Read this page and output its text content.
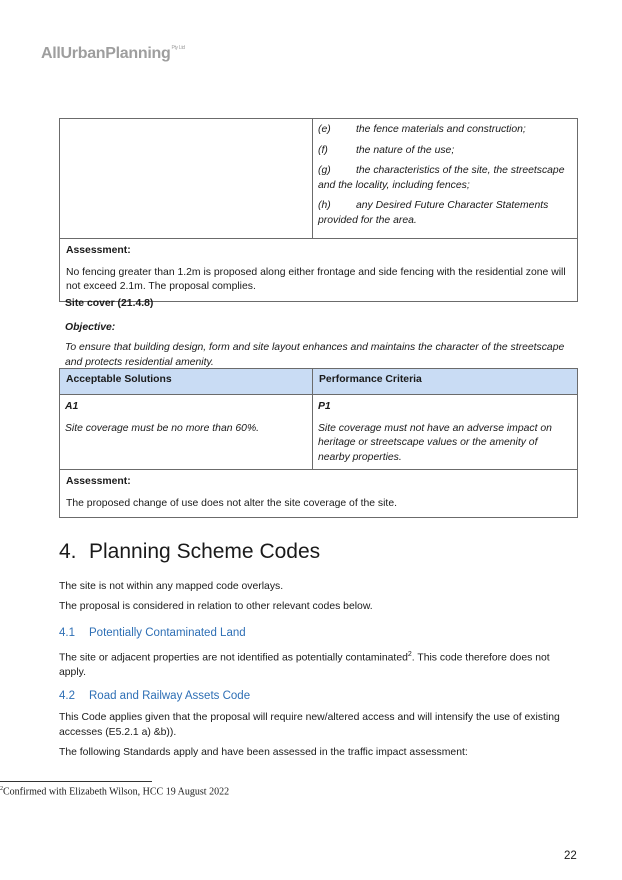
AllUrbanPlanning$^{Pty Ltd}$
(e) the fence materials and construction;
(f)	the nature of the use;
(g) the characteristics of the site, the streetscape and the locality, including fences;
(h) any Desired Future Character Statements provided for the area.
Assessment:

No fencing greater than 1.2m is proposed along either frontage and side fencing with the residential zone will not exceed 2.1m. The proposal complies.

Site cover (21.4.8)
Objective:
To ensure that building design, form and site layout enhances and maintains the character of the streetscape and protects residential amenity.
Acceptable Solutions	Performance Criteria
A1
Site coverage must be no more than 60%.
P1
Site coverage must not have an adverse impact on heritage or streetscape values or the amenity of nearby properties.
Assessment:

The proposed change of use does not alter the site coverage of the site.

4. Planning Scheme Codes

The site is not within any mapped code overlays.

The proposal is considered in relation to other relevant codes below.

4.1 Potentially Contaminated Land

The site or adjacent properties are not identified as potentially contaminated$^2$. This code therefore does not apply.

4.2 Road and Railway Assets Code

This Code applies given that the proposal will require new/altered access and will intensify the use of existing accesses (E5.2.1 a) &b)).

The following Standards apply and have been assessed in the traffic impact assessment:

$^2$Confirmed with Elizabeth Wilson, HCC 19 August 2022
22
